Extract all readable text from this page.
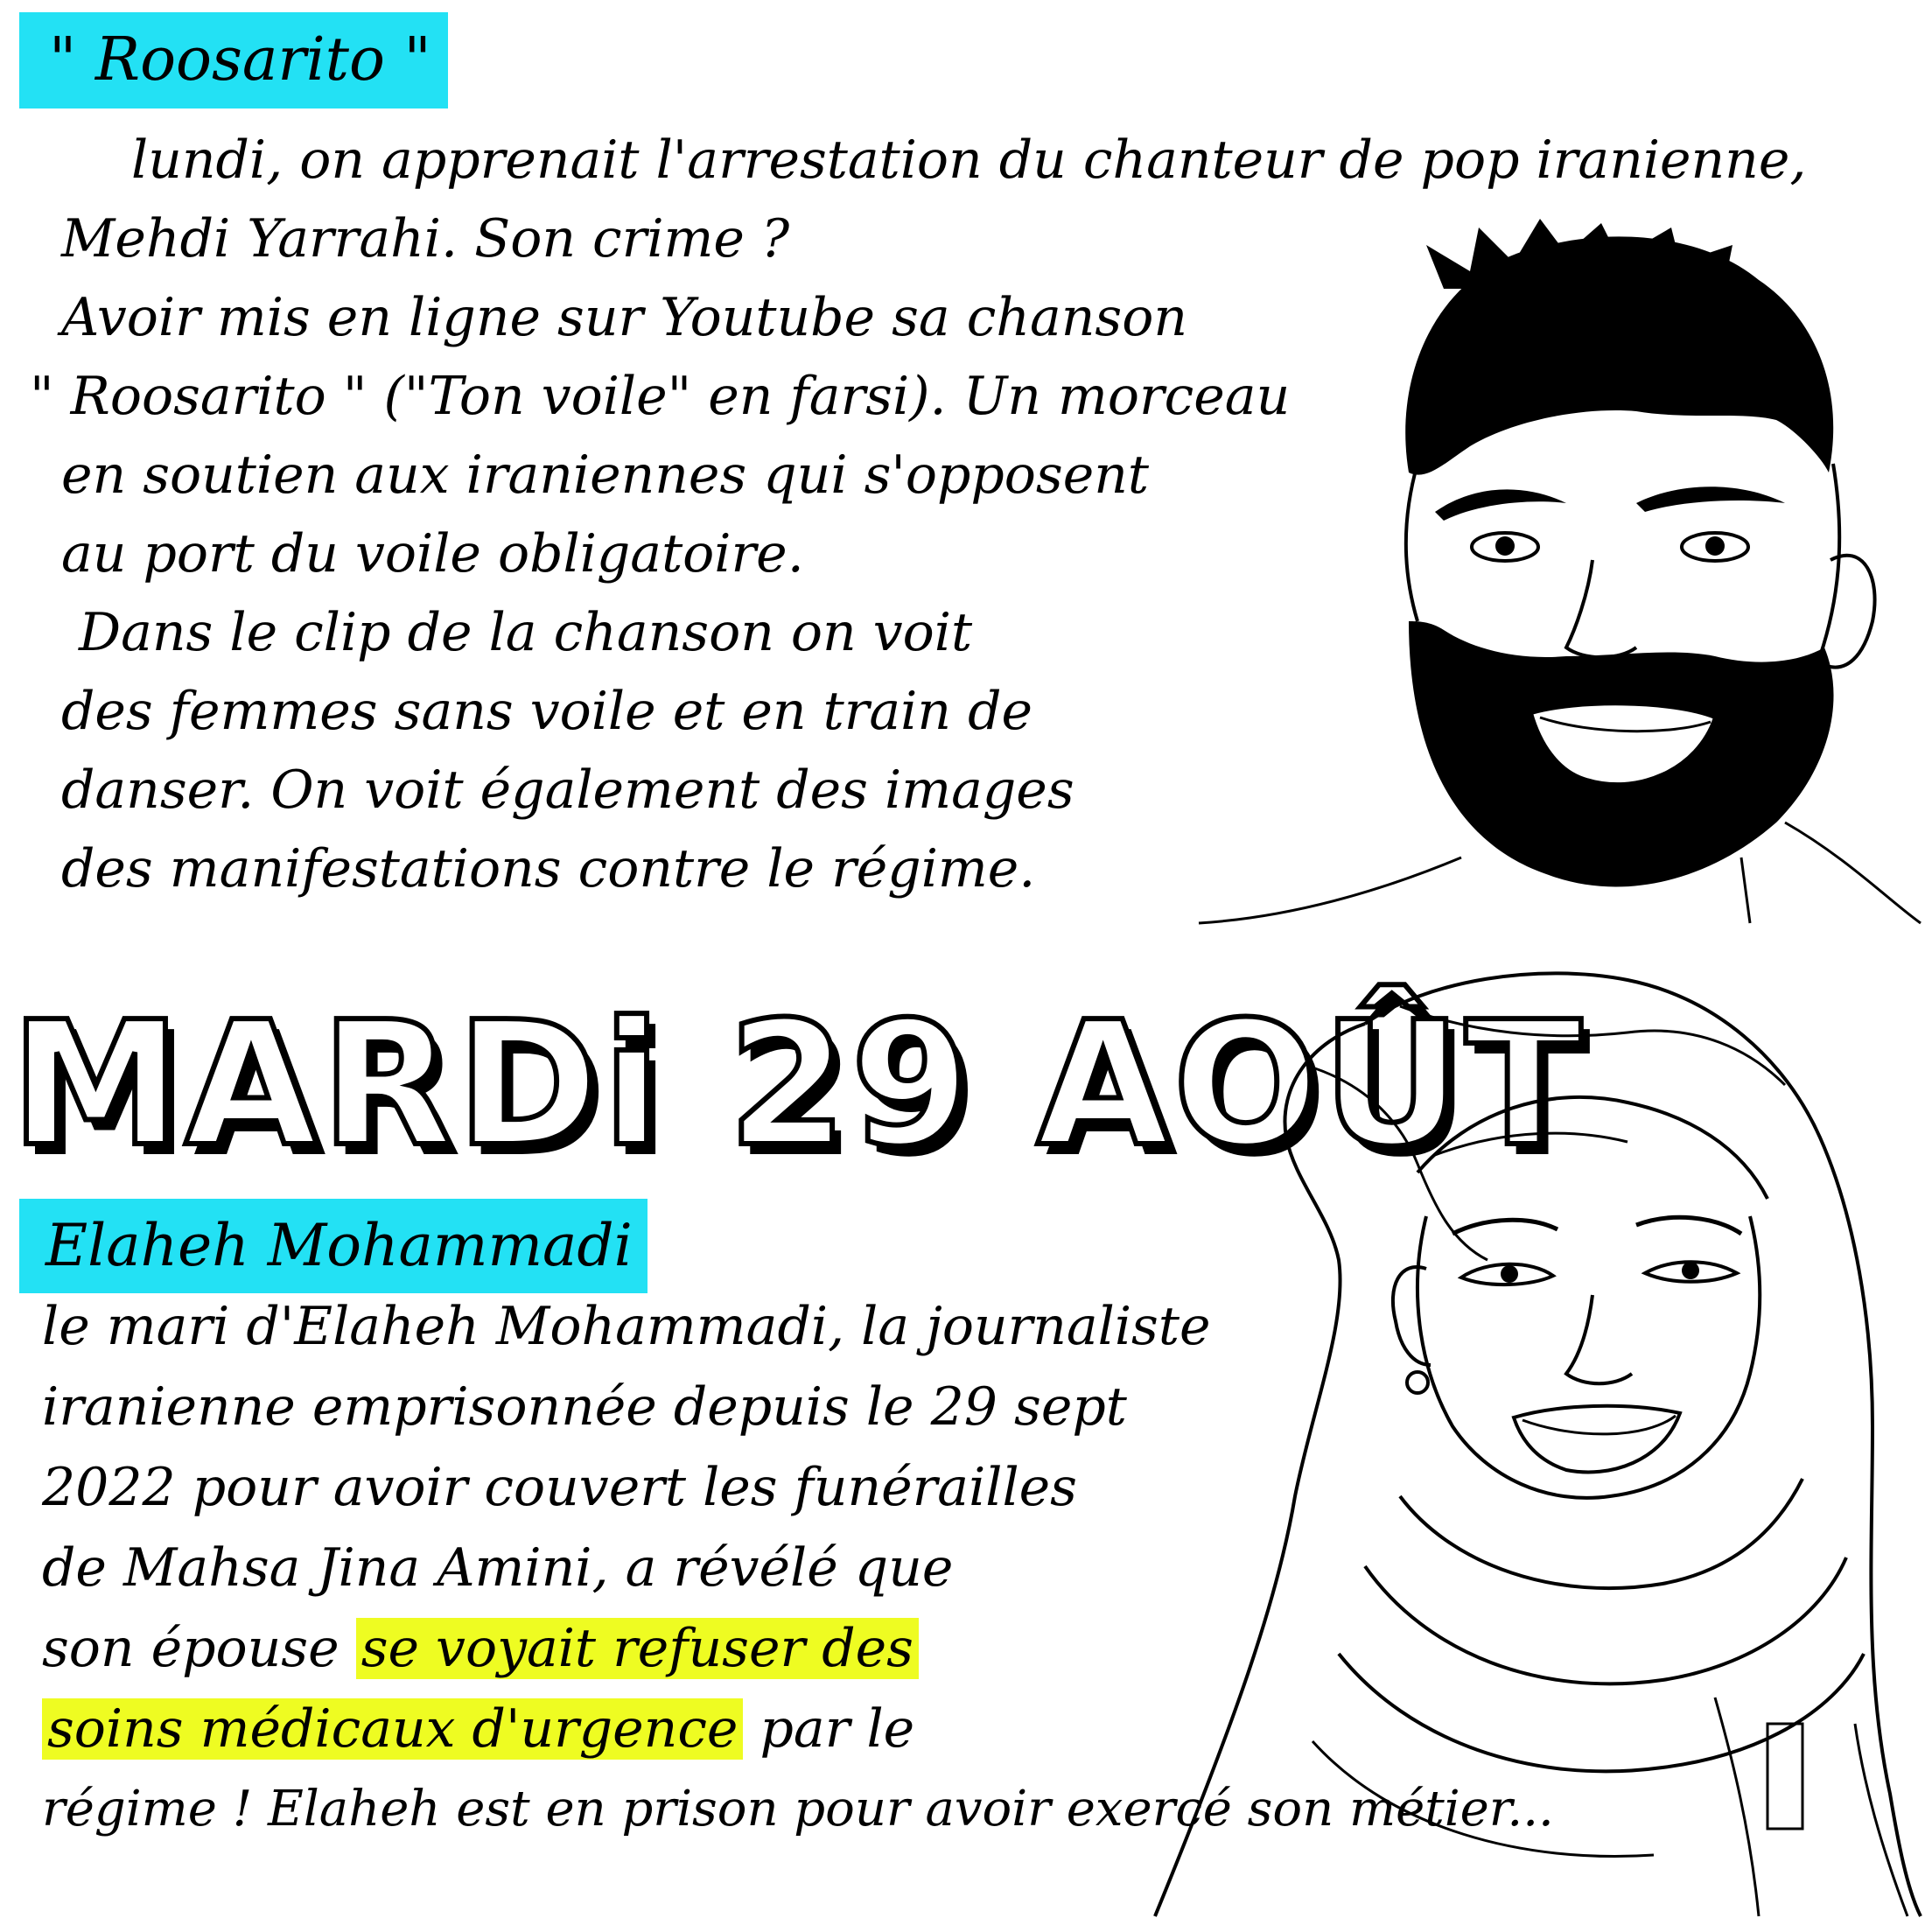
" Roosarito "
lundi, on apprenait l'arrestation du chanteur de pop iranienne,
Mehdi Yarrahi. Son crime ?
Avoir mis en ligne sur Youtube sa chanson
" Roosarito " ("Ton voile" en farsi). Un morceau
en soutien aux iraniennes qui s'opposent
au port du voile obligatoire.
Dans le clip de la chanson on voit
des femmes sans voile et en train de
danser. On voit également des images
des manifestations contre le régime.
MARDi 29 AOÛT
Elaheh Mohammadi
le mari d'Elaheh Mohammadi, la journaliste
iranienne emprisonnée depuis le 29 sept
2022 pour avoir couvert les funérailles
de Mahsa Jina Amini, a révélé que
son épouse se voyait refuser des
soins médicaux d'urgence par le
régime ! Elaheh est en prison pour avoir exercé son métier...
